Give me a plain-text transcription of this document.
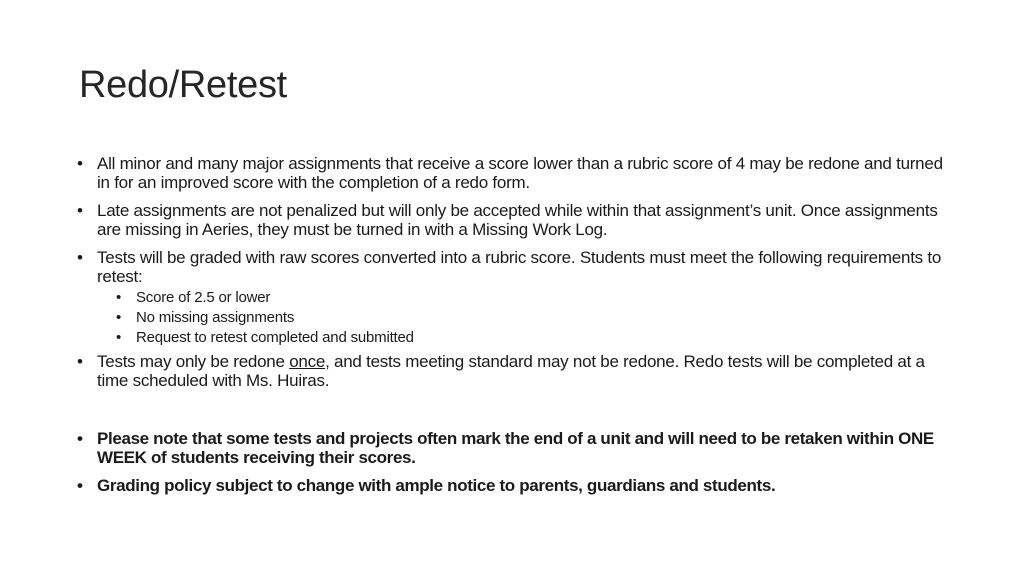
Redo/Retest
• All minor and many major assignments that receive a score lower than a rubric score of 4 may be redone and turned in for an improved score with the completion of a redo form.
• Late assignments are not penalized but will only be accepted while within that assignment’s unit. Once assignments are missing in Aeries, they must be turned in with a Missing Work Log.
• Tests will be graded with raw scores converted into a rubric score. Students must meet the following requirements to retest:
• Score of 2.5 or lower
• No missing assignments
• Request to retest completed and submitted
• Tests may only be redone once, and tests meeting standard may not be redone. Redo tests will be completed at a time scheduled with Ms. Huiras.
• Please note that some tests and projects often mark the end of a unit and will need to be retaken within ONE WEEK of students receiving their scores.
• Grading policy subject to change with ample notice to parents, guardians and students.
